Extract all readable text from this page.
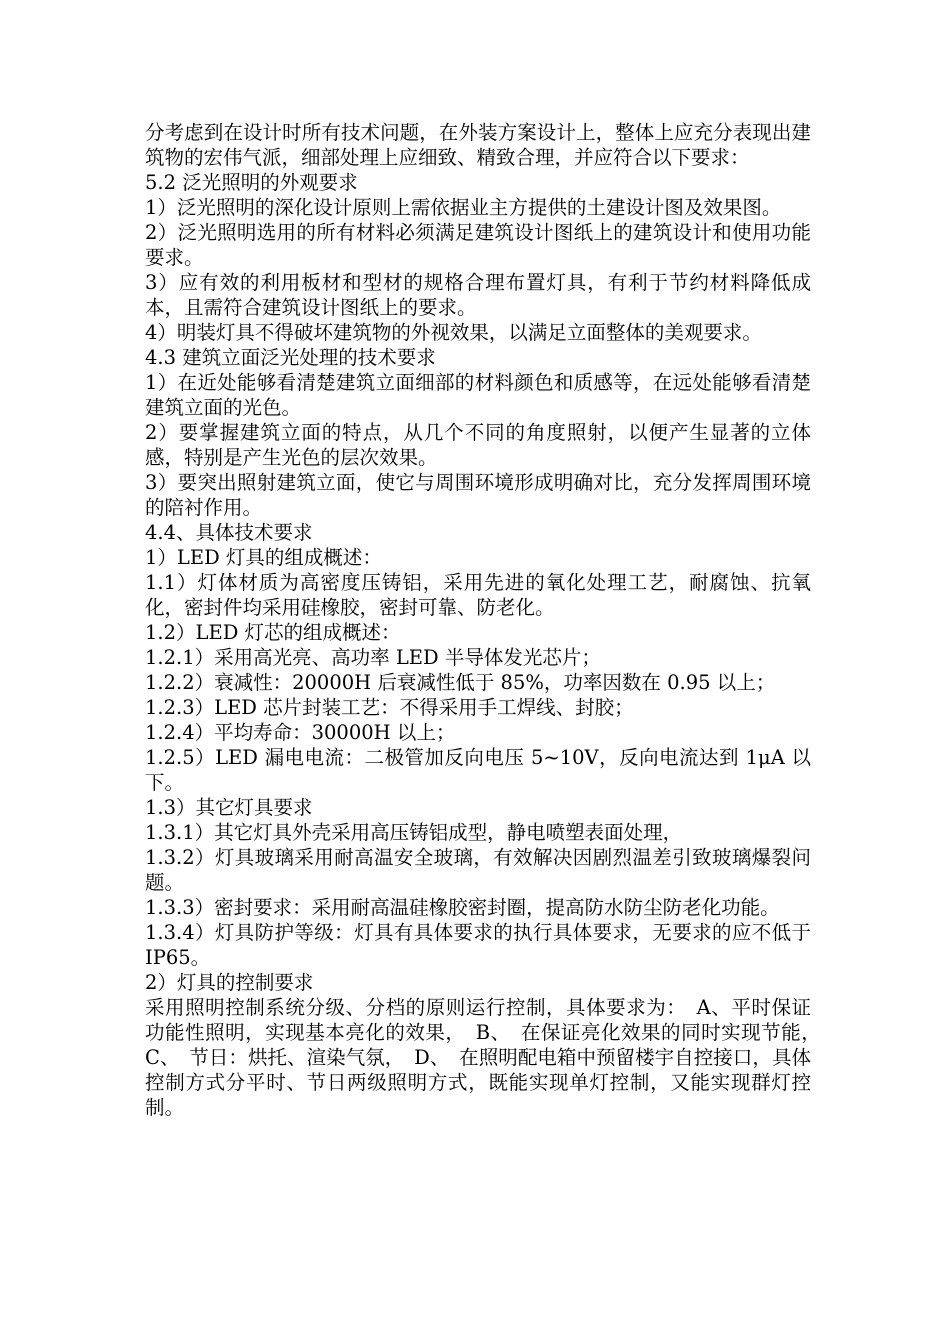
分考虑到在设计时所有技术问题，在外装方案设计上，整体上应充分表现出建筑物的宏伟气派，细部处理上应细致、精致合理，并应符合以下要求：

5.2 泛光照明的外观要求

1）泛光照明的深化设计原则上需依据业主方提供的土建设计图及效果图。

2）泛光照明选用的所有材料必须满足建筑设计图纸上的建筑设计和使用功能要求。

3）应有效的利用板材和型材的规格合理布置灯具，有利于节约材料降低成本，且需符合建筑设计图纸上的要求。

4）明装灯具不得破坏建筑物的外视效果，以满足立面整体的美观要求。

4.3 建筑立面泛光处理的技术要求

1）在近处能够看清楚建筑立面细部的材料颜色和质感等，在远处能够看清楚建筑立面的光色。

2）要掌握建筑立面的特点，从几个不同的角度照射，以便产生显著的立体感，特别是产生光色的层次效果。

3）要突出照射建筑立面，使它与周围环境形成明确对比，充分发挥周围环境的陪衬作用。

4.4、具体技术要求

1）LED 灯具的组成概述：

1.1）灯体材质为高密度压铸铝，采用先进的氧化处理工艺，耐腐蚀、抗氧化，密封件均采用硅橡胶，密封可靠、防老化。

1.2）LED 灯芯的组成概述：

1.2.1）采用高光亮、高功率 LED 半导体发光芯片；

1.2.2）衰减性：20000H 后衰减性低于 85%，功率因数在 0.95 以上；

1.2.3）LED 芯片封装工艺：不得采用手工焊线、封胶；

1.2.4）平均寿命：30000H 以上；

1.2.5）LED 漏电电流：二极管加反向电压 5~10V，反向电流达到 1μA 以下。

1.3）其它灯具要求

1.3.1）其它灯具外壳采用高压铸铝成型，静电喷塑表面处理，

1.3.2）灯具玻璃采用耐高温安全玻璃，有效解决因剧烈温差引致玻璃爆裂问题。

1.3.3）密封要求：采用耐高温硅橡胶密封圈，提高防水防尘防老化功能。

1.3.4）灯具防护等级：灯具有具体要求的执行具体要求，无要求的应不低于 IP65。

2）灯具的控制要求

采用照明控制系统分级、分档的原则运行控制，具体要求为：　A、平时保证功能性照明，实现基本亮化的效果，　B、　在保证亮化效果的同时实现节能，　C、　节日：烘托、渲染气氛，　D、　在照明配电箱中预留楼宇自控接口，具体控制方式分平时、节日两级照明方式，既能实现单灯控制，又能实现群灯控制。
